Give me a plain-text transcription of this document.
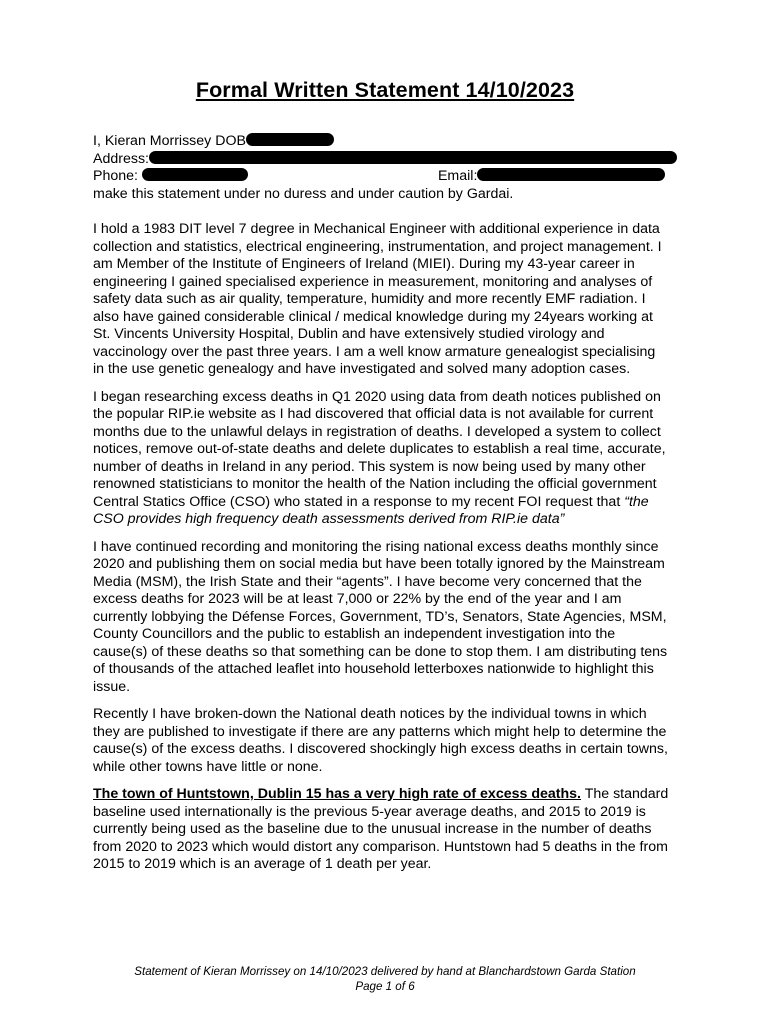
Formal Written Statement 14/10/2023
I, Kieran Morrissey DOB
Address:
Phone:	Email:
make this statement under no duress and under caution by Gardai.
I hold a 1983 DIT level 7 degree in Mechanical Engineer with additional experience in data
collection and statistics, electrical engineering, instrumentation, and project management. I
am Member of the Institute of Engineers of Ireland (MIEI). During my 43-year career in
engineering I gained specialised experience in measurement, monitoring and analyses of
safety data such as air quality, temperature, humidity and more recently EMF radiation. I
also have gained considerable clinical / medical knowledge during my 24years working at
St. Vincents University Hospital, Dublin and have extensively studied virology and
vaccinology over the past three years. I am a well know armature genealogist specialising
in the use genetic genealogy and have investigated and solved many adoption cases.
I began researching excess deaths in Q1 2020 using data from death notices published on
the popular RIP.ie website as I had discovered that official data is not available for current
months due to the unlawful delays in registration of deaths. I developed a system to collect
notices, remove out-of-state deaths and delete duplicates to establish a real time, accurate,
number of deaths in Ireland in any period. This system is now being used by many other
renowned statisticians to monitor the health of the Nation including the official government
Central Statics Office (CSO) who stated in a response to my recent FOI request that “the
CSO provides high frequency death assessments derived from RIP.ie data”
I have continued recording and monitoring the rising national excess deaths monthly since
2020 and publishing them on social media but have been totally ignored by the Mainstream
Media (MSM), the Irish State and their “agents”. I have become very concerned that the
excess deaths for 2023 will be at least 7,000 or 22% by the end of the year and I am
currently lobbying the Défense Forces, Government, TD’s, Senators, State Agencies, MSM,
County Councillors and the public to establish an independent investigation into the
cause(s) of these deaths so that something can be done to stop them. I am distributing tens
of thousands of the attached leaflet into household letterboxes nationwide to highlight this
issue.
Recently I have broken-down the National death notices by the individual towns in which
they are published to investigate if there are any patterns which might help to determine the
cause(s) of the excess deaths. I discovered shockingly high excess deaths in certain towns,
while other towns have little or none.
The town of Huntstown, Dublin 15 has a very high rate of excess deaths. The standard
baseline used internationally is the previous 5-year average deaths, and 2015 to 2019 is
currently being used as the baseline due to the unusual increase in the number of deaths
from 2020 to 2023 which would distort any comparison. Huntstown had 5 deaths in the from
2015 to 2019 which is an average of 1 death per year.
Statement of Kieran Morrissey on 14/10/2023 delivered by hand at Blanchardstown Garda Station
Page 1 of 6
